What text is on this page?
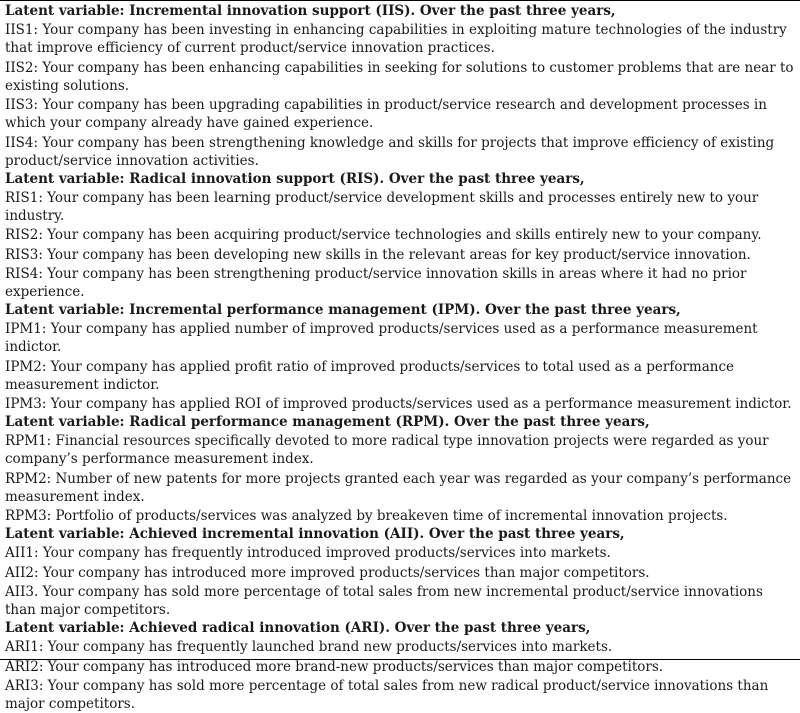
Latent variable: Incremental innovation support (IIS). Over the past three years,
IIS1: Your company has been investing in enhancing capabilities in exploiting mature technologies of the industry that improve efficiency of current product/service innovation practices.
IIS2: Your company has been enhancing capabilities in seeking for solutions to customer problems that are near to existing solutions.
IIS3: Your company has been upgrading capabilities in product/service research and development processes in which your company already have gained experience.
IIS4: Your company has been strengthening knowledge and skills for projects that improve efficiency of existing product/service innovation activities.
Latent variable: Radical innovation support (RIS). Over the past three years,
RIS1: Your company has been learning product/service development skills and processes entirely new to your industry.
RIS2: Your company has been acquiring product/service technologies and skills entirely new to your company.
RIS3: Your company has been developing new skills in the relevant areas for key product/service innovation.
RIS4: Your company has been strengthening product/service innovation skills in areas where it had no prior experience.
Latent variable: Incremental performance management (IPM). Over the past three years,
IPM1: Your company has applied number of improved products/services used as a performance measurement indictor.
IPM2: Your company has applied profit ratio of improved products/services to total used as a performance measurement indictor.
IPM3: Your company has applied ROI of improved products/services used as a performance measurement indictor.
Latent variable: Radical performance management (RPM). Over the past three years,
RPM1: Financial resources specifically devoted to more radical type innovation projects were regarded as your company’s performance measurement index.
RPM2: Number of new patents for more projects granted each year was regarded as your company’s performance measurement index.
RPM3: Portfolio of products/services was analyzed by breakeven time of incremental innovation projects.
Latent variable: Achieved incremental innovation (AII). Over the past three years,
AII1: Your company has frequently introduced improved products/services into markets.
AII2: Your company has introduced more improved products/services than major competitors.
AII3. Your company has sold more percentage of total sales from new incremental product/service innovations than major competitors.
Latent variable: Achieved radical innovation (ARI). Over the past three years,
ARI1: Your company has frequently launched brand new products/services into markets.
ARI2: Your company has introduced more brand-new products/services than major competitors.
ARI3: Your company has sold more percentage of total sales from new radical product/service innovations than major competitors.
